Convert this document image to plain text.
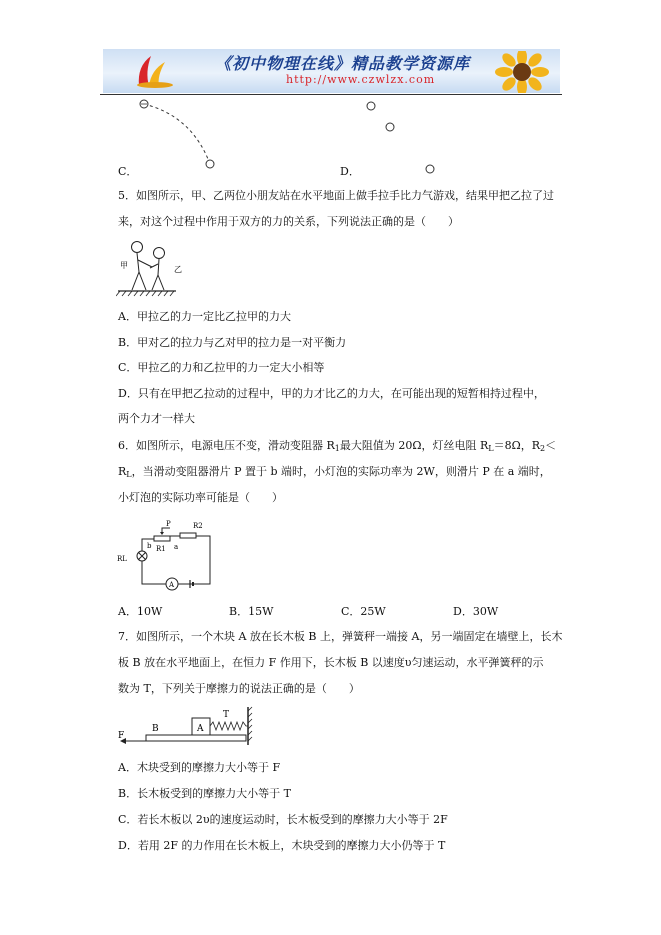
《初中物理在线》精品教学资源库
http://www.czwlzx.com
C．	D．
5．如图所示，甲、乙两位小朋友站在水平地面上做手拉手比力气游戏，结果甲把乙拉了过
来，对这个过程中作用于双方的力的关系，下列说法正确的是（　　）
甲	乙
A．甲拉乙的力一定比乙拉甲的力大
B．甲对乙的拉力与乙对甲的拉力是一对平衡力
C．甲拉乙的力和乙拉甲的力一定大小相等
D．只有在甲把乙拉动的过程中，甲的力才比乙的力大，在可能出现的短暂相持过程中，
两个力才一样大
6．如图所示，电源电压不变，滑动变阻器 $R_1$最大阻值为 20Ω，灯丝电阻 $R_L=8\Omega$，$R_2<$
$R_L$，当滑动变阻器滑片 P 置于 b 端时，小灯泡的实际功率为 2W，则滑片 P 在 a 端时，
小灯泡的实际功率可能是（　　）
P	R2
b R1 a
RL
A
A．10W	B．15W	C．25W	D．30W
7．如图所示，一个木块 A 放在长木板 B 上，弹簧秤一端接 A，另一端固定在墙壁上，长木
板 B 放在水平地面上，在恒力 F 作用下，长木板 B 以速度υ匀速运动，水平弹簧秤的示
数为 T，下列关于摩擦力的说法正确的是（　　）
F
B	A
T
A．木块受到的摩擦力大小等于 F
B．长木板受到的摩擦力大小等于 T
C．若长木板以 2υ的速度运动时，长木板受到的摩擦力大小等于 2F
D．若用 2F 的力作用在长木板上，木块受到的摩擦力大小仍等于 T
